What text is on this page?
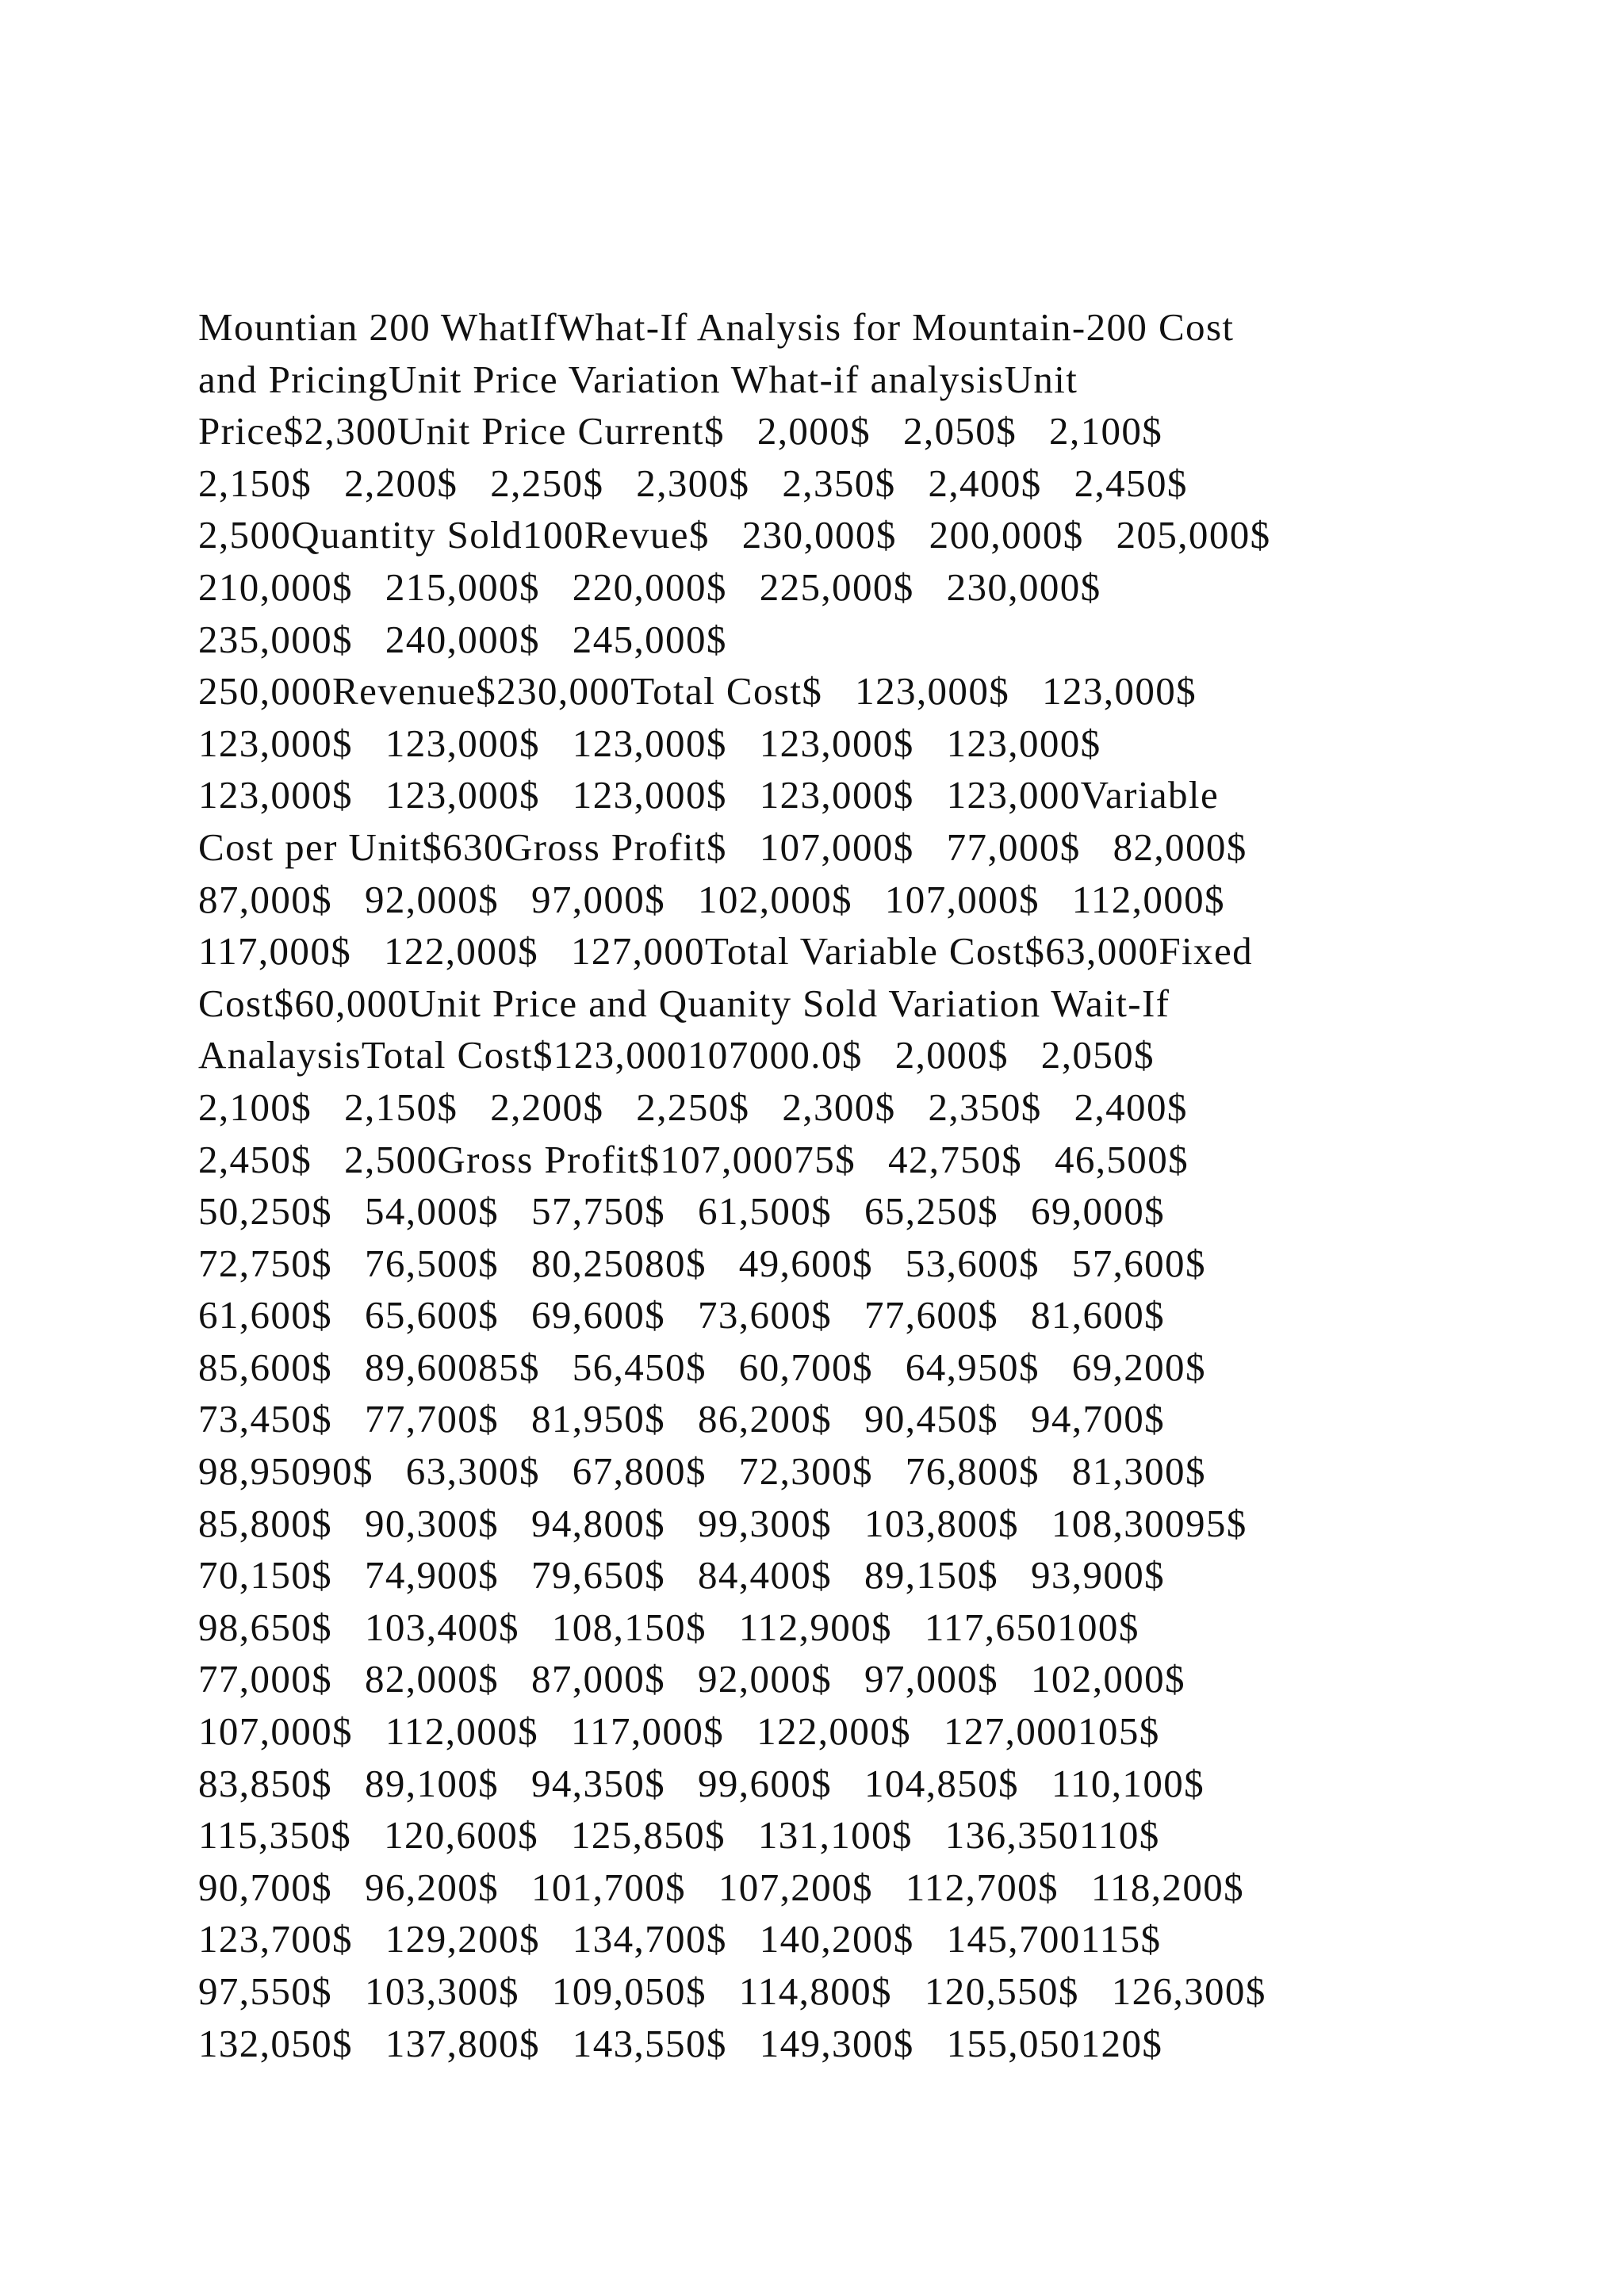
Mountian 200 WhatIfWhat-If Analysis for Mountain-200 Cost
and PricingUnit Price Variation What-if analysisUnit
Price$2,300Unit Price Current$   2,000$   2,050$   2,100$
2,150$   2,200$   2,250$   2,300$   2,350$   2,400$   2,450$
2,500Quantity Sold100Revue$   230,000$   200,000$   205,000$
210,000$   215,000$   220,000$   225,000$   230,000$
235,000$   240,000$   245,000$
250,000Revenue$230,000Total Cost$   123,000$   123,000$
123,000$   123,000$   123,000$   123,000$   123,000$
123,000$   123,000$   123,000$   123,000$   123,000Variable
Cost per Unit$630Gross Profit$   107,000$   77,000$   82,000$
87,000$   92,000$   97,000$   102,000$   107,000$   112,000$
117,000$   122,000$   127,000Total Variable Cost$63,000Fixed
Cost$60,000Unit Price and Quanity Sold Variation Wait-If
AnalaysisTotal Cost$123,000107000.0$   2,000$   2,050$
2,100$   2,150$   2,200$   2,250$   2,300$   2,350$   2,400$
2,450$   2,500Gross Profit$107,00075$   42,750$   46,500$
50,250$   54,000$   57,750$   61,500$   65,250$   69,000$
72,750$   76,500$   80,25080$   49,600$   53,600$   57,600$
61,600$   65,600$   69,600$   73,600$   77,600$   81,600$
85,600$   89,60085$   56,450$   60,700$   64,950$   69,200$
73,450$   77,700$   81,950$   86,200$   90,450$   94,700$
98,95090$   63,300$   67,800$   72,300$   76,800$   81,300$
85,800$   90,300$   94,800$   99,300$   103,800$   108,30095$
70,150$   74,900$   79,650$   84,400$   89,150$   93,900$
98,650$   103,400$   108,150$   112,900$   117,650100$
77,000$   82,000$   87,000$   92,000$   97,000$   102,000$
107,000$   112,000$   117,000$   122,000$   127,000105$
83,850$   89,100$   94,350$   99,600$   104,850$   110,100$
115,350$   120,600$   125,850$   131,100$   136,350110$
90,700$   96,200$   101,700$   107,200$   112,700$   118,200$
123,700$   129,200$   134,700$   140,200$   145,700115$
97,550$   103,300$   109,050$   114,800$   120,550$   126,300$
132,050$   137,800$   143,550$   149,300$   155,050120$
